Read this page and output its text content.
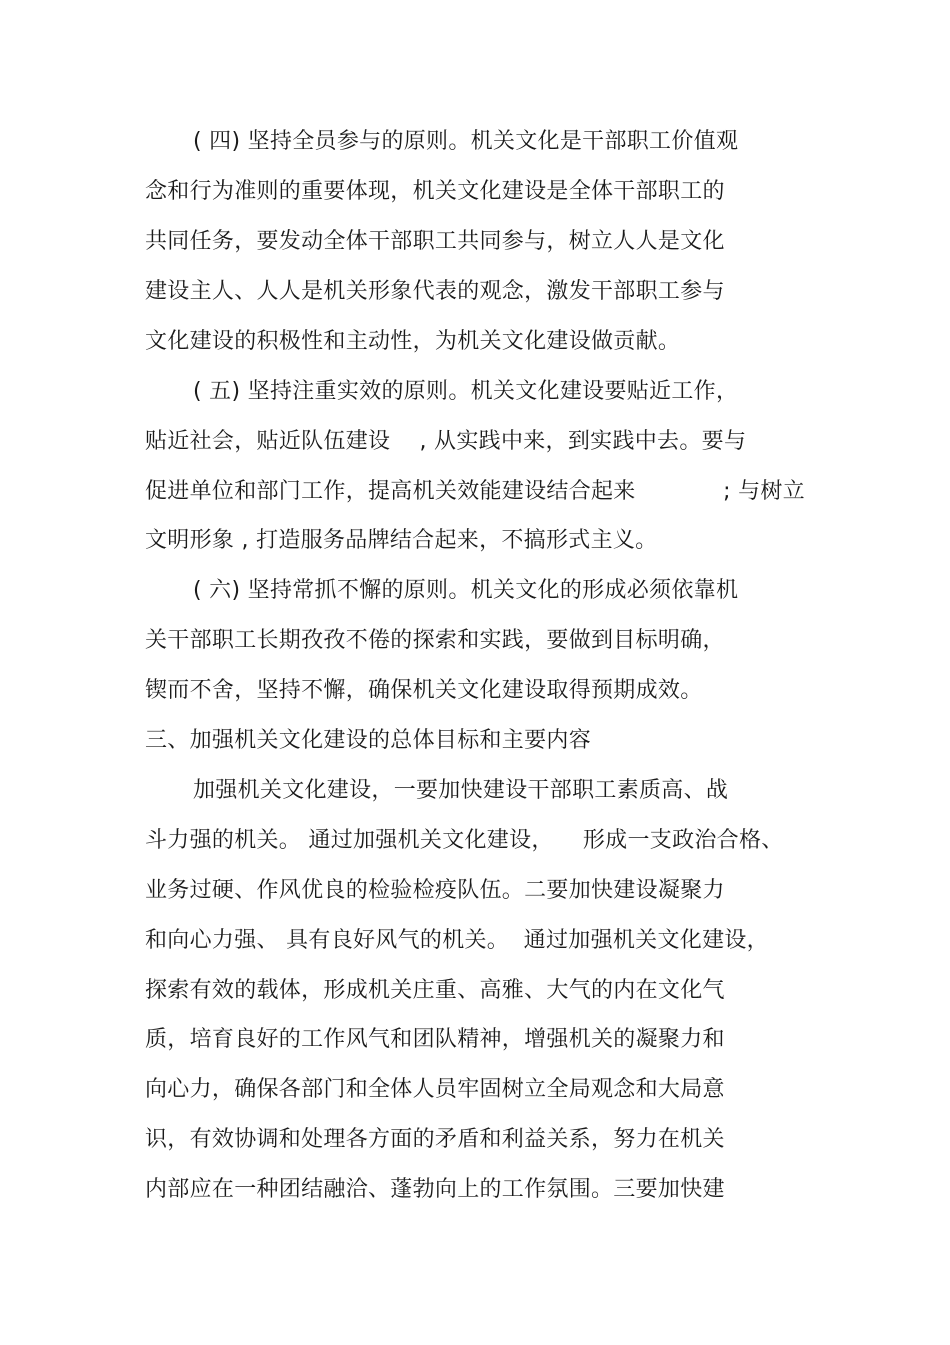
( 四) 坚持全员参与的原则。机关文化是干部职工价值观
念和行为准则的重要体现，机关文化建设是全体干部职工的
共同任务，要发动全体干部职工共同参与，树立人人是文化
建设主人、人人是机关形象代表的观念，激发干部职工参与
文化建设的积极性和主动性，为机关文化建设做贡献。
( 五) 坚持注重实效的原则。机关文化建设要贴近工作，
贴近社会，贴近队伍建设    , 从实践中来，到实践中去。要与
促进单位和部门工作，提高机关效能建设结合起来            ; 与树立
文明形象 , 打造服务品牌结合起来，不搞形式主义。
( 六) 坚持常抓不懈的原则。机关文化的形成必须依靠机
关干部职工长期孜孜不倦的探索和实践，要做到目标明确，
锲而不舍，坚持不懈，确保机关文化建设取得预期成效。
三、加强机关文化建设的总体目标和主要内容
加强机关文化建设，一要加快建设干部职工素质高、战
斗力强的机关。 通过加强机关文化建设，    形成一支政治合格、
业务过硬、作风优良的检验检疫队伍。二要加快建设凝聚力
和向心力强、 具有良好风气的机关。  通过加强机关文化建设，
探索有效的载体，形成机关庄重、高雅、大气的内在文化气
质，培育良好的工作风气和团队精神，增强机关的凝聚力和
向心力，确保各部门和全体人员牢固树立全局观念和大局意
识，有效协调和处理各方面的矛盾和利益关系，努力在机关
内部应在一种团结融洽、蓬勃向上的工作氛围。三要加快建
